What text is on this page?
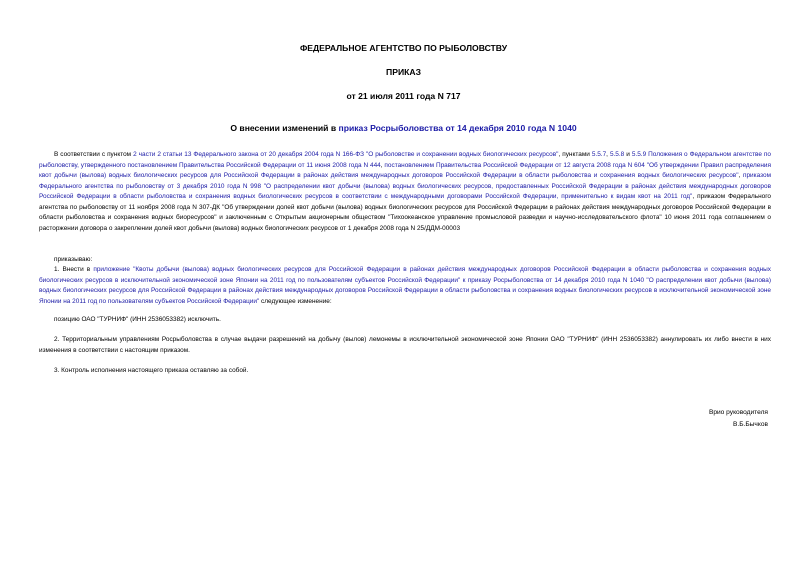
ФЕДЕРАЛЬНОЕ АГЕНТСТВО ПО РЫБОЛОВСТВУ
ПРИКАЗ
от 21 июля 2011 года N 717
О внесении изменений в приказ Росрыболовства от 14 декабря 2010 года N 1040

В соответствии с пунктом 2 части 2 статьи 13 Федерального закона от 20 декабря 2004 года N 166-ФЗ "О рыболовстве и сохранении водных биологических ресурсов", пунктами 5.5.7, 5.5.8 и 5.5.9 Положения о Федеральном агентстве по рыболовству, утвержденного постановлением Правительства Российской Федерации от 11 июня 2008 года N 444, постановлением Правительства Российской Федерации от 12 августа 2008 года N 604 "Об утверждении Правил распределения квот добычи (вылова) водных биологических ресурсов для Российской Федерации в районах действия международных договоров Российской Федерации в области рыболовства и сохранения водных биологических ресурсов", приказом Федерального агентства по рыболовству от 3 декабря 2010 года N 998 "О распределении квот добычи (вылова) водных биологических ресурсов, предоставленных Российской Федерации в районах действия международных договоров Российской Федерации в области рыболовства и сохранения водных биологических ресурсов в соответствии с международными договорами Российской Федерации, применительно к видам квот на 2011 год", приказом Федерального агентства по рыболовству от 11 ноября 2008 года N 307-ДК "Об утверждении долей квот добычи (вылова) водных биологических ресурсов для Российской Федерации в районах действия международных договоров Российской Федерации в области рыболовства и сохранения водных биоресурсов" и заключенным с Открытым акционерным обществом "Тихоокеанское управление промысловой разведки и научно-исследовательского флота" 10 июня 2011 года соглашением о расторжении договора о закреплении долей квот добычи (вылова) водных биологических ресурсов от 1 декабря 2008 года N 25/ДДМ-00003

приказываю:

1. Внести в приложение "Квоты добычи (вылова) водных биологических ресурсов для Российской Федерации в районах действия международных договоров Российской Федерации в области рыболовства и сохранения водных биологических ресурсов в исключительной экономической зоне Японии на 2011 год по пользователям субъектов Российской Федерации" к приказу Росрыболовства от 14 декабря 2010 года N 1040 "О распределении квот добычи (вылова) водных биологических ресурсов для Российской Федерации в районах действия международных договоров Российской Федерации в области рыболовства и сохранения водных биологических ресурсов в исключительной экономической зоне Японии на 2011 год по пользователям субъектов Российской Федерации" следующее изменение:

позицию ОАО "ТУРНИФ" (ИНН 2536053382) исключить.

2. Территориальным управлениям Росрыболовства в случае выдачи разрешений на добычу (вылов) лемонемы в исключительной экономической зоне Японии ОАО "ТУРНИФ" (ИНН 2536053382) аннулировать их либо внести в них изменения в соответствии с настоящим приказом.

3. Контроль исполнения настоящего приказа оставляю за собой.

Врио руководителя
В.Б.Бычков
